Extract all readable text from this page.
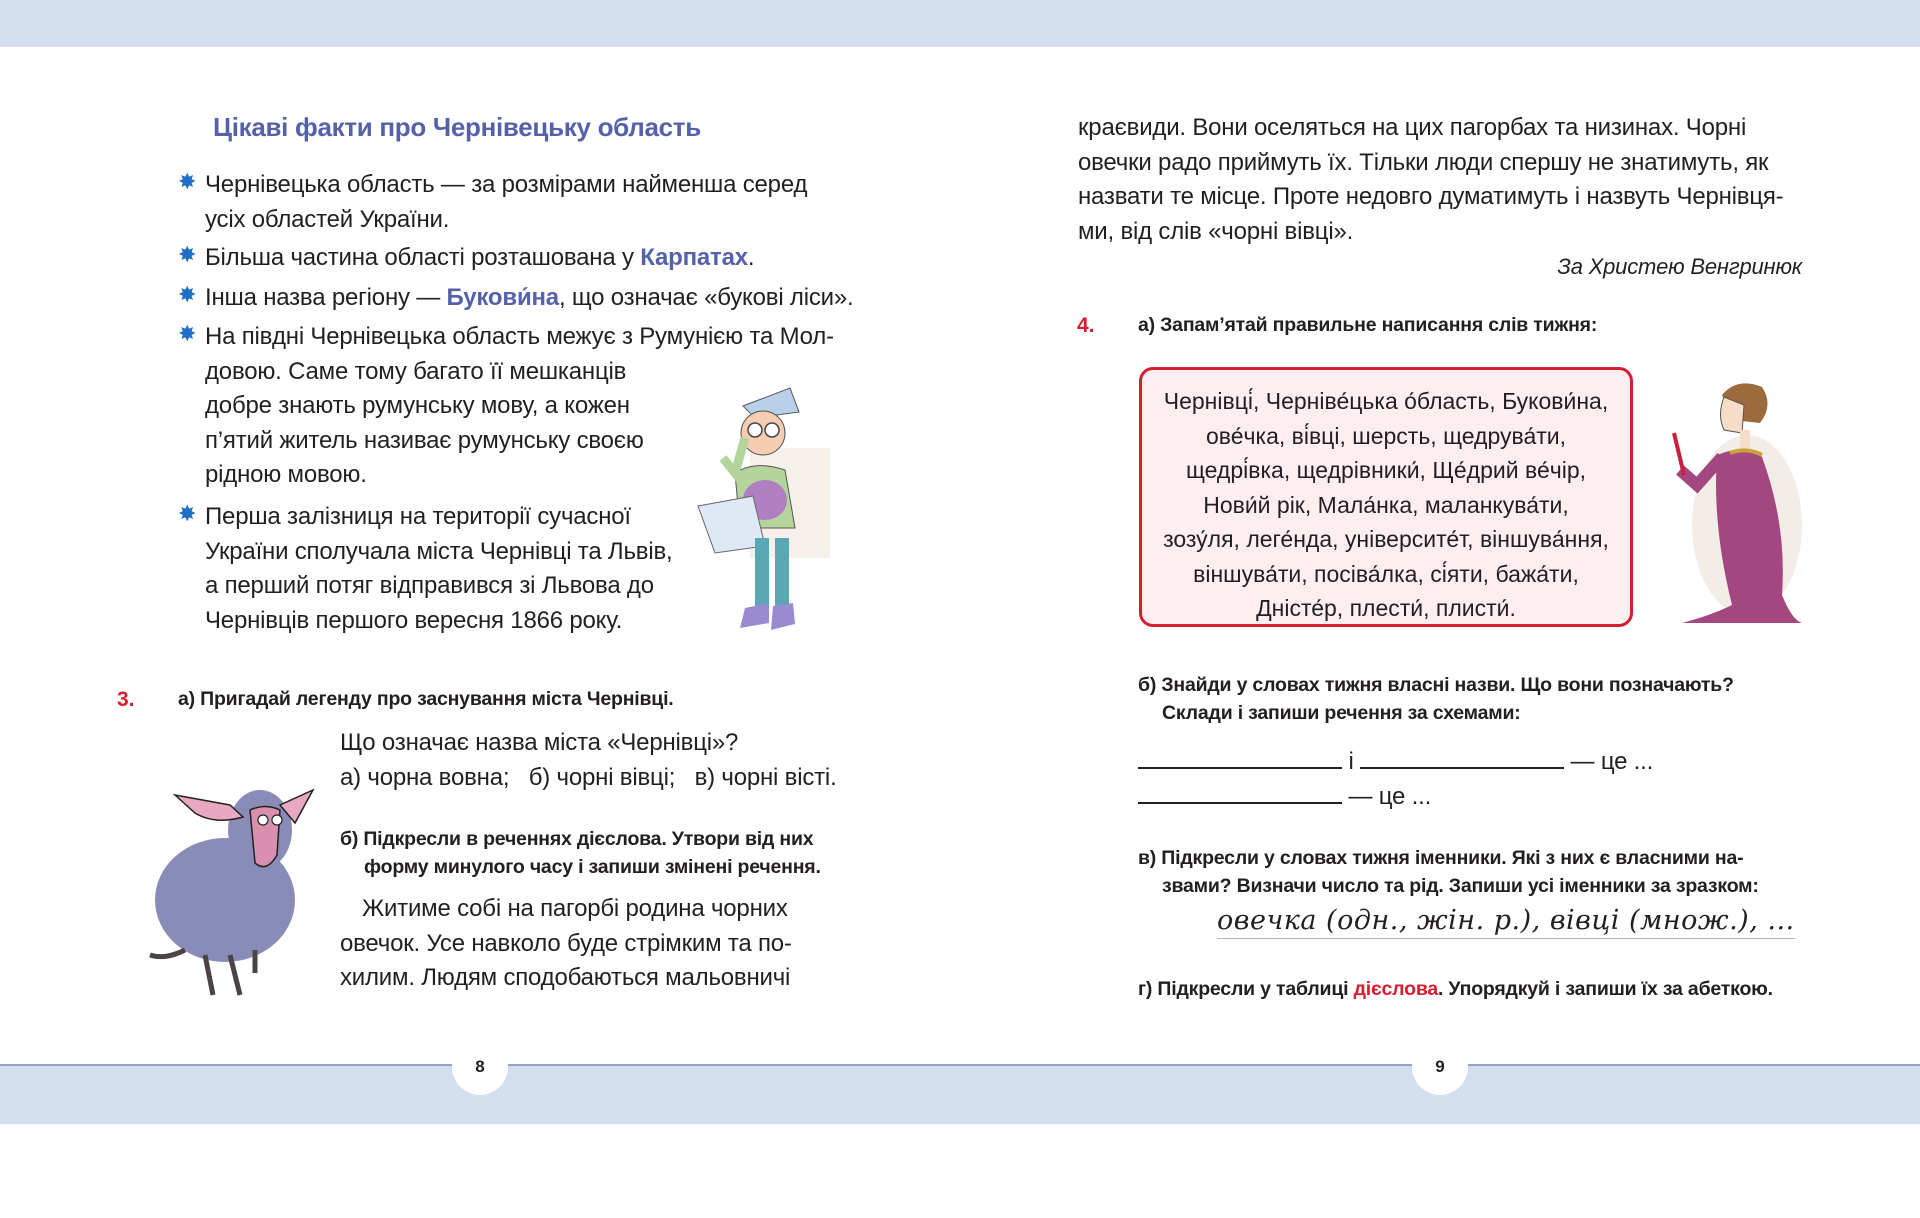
8	9
Цікаві факти про Чернівецьку область
✸ Чернівецька область — за розмірами найменша серед
усіх областей України.
✸ Більша частина області розташована у Карпатах.
✸ Інша назва регіону — Букови́на, що означає «букові ліси».
✸ На півдні Чернівецька область межує з Румунією та Мол-
довою. Саме тому багато її мешканців
добре знають румунську мову, а кожен
п’ятий житель називає румунську своєю
рідною мовою.
✸ Перша залізниця на території сучасної
України сполучала міста Чернівці та Львів,
а перший потяг відправився зі Львова до
Чернівців першого вересня 1866 року.
3. а) Пригадай легенду про заснування міста Чернівці.
Що означає назва міста «Чернівці»?
а) чорна вовна; б) чорні вівці; в) чорні вісті.
б) Підкресли в реченнях дієслова. Утвори від них
форму минулого часу і запиши змінені речення.
Житиме собі на пагорбі родина чорних
овечок. Усе навколо буде стрімким та по-
хилим. Людям сподобаються мальовничі
краєвиди. Вони оселяться на цих пагорбах та низинах. Чорні
овечки радо приймуть їх. Тільки люди спершу не знатимуть, як
назвати те місце. Проте недовго думатимуть і назвуть Чернівця-
ми, від слів «чорні вівці».
За Христею Венгринюк
4. а) Запам’ятай правильне написання слів тижня:
Чернівці́, Черніве́цька о́бласть, Букови́на,
ове́чка, ві́вці, шерсть, щедрува́ти,
щедрі́вка, щедрівники́, Ще́дрий ве́чір,
Нови́й рік, Мала́нка, маланкува́ти,
зозу́ля, леге́нда, університе́т, віншува́ння,
віншува́ти, посіва́лка, сі́яти, бажа́ти,
Дністе́р, плести́, плисти́.
б) Знайди у словах тижня власні назви. Що вони позначають?
Склади і запиши речення за схемами:
і	— це ...
— це ...
в) Підкресли у словах тижня іменники. Які з них є власними на-
звами? Визначи число та рід. Запиши усі іменники за зразком:
овечка (одн., жін. р.), вівці (множ.), ...
г) Підкресли у таблиці дієслова. Упорядкуй і запиши їх за абеткою.
